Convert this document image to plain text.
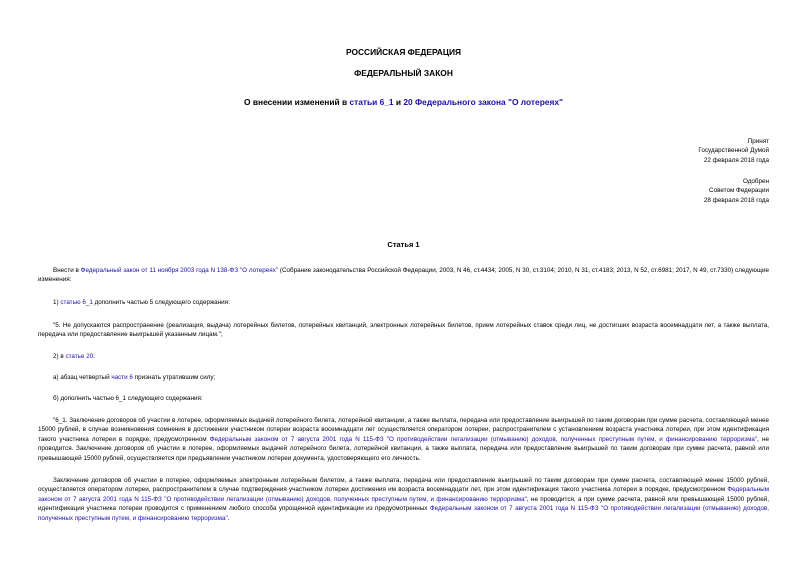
РОССИЙСКАЯ ФЕДЕРАЦИЯ
ФЕДЕРАЛЬНЫЙ ЗАКОН
О внесении изменений в статьи 6_1 и 20 Федерального закона "О лотереях"
Принят
Государственной Думой
22 февраля 2018 года
Одобрен
Советом Федерации
28 февраля 2018 года
Статья 1

Внести в Федеральный закон от 11 ноября 2003 года N 138-ФЗ "О лотереях" (Собрание законодательства Российской Федерации, 2003, N 46, ст.4434; 2005, N 30, ст.3104; 2010, N 31, ст.4183; 2013, N 52, ст.6981; 2017, N 49, ст.7330) следующие изменения:

1) статью 6_1 дополнить частью 5 следующего содержания:

"5. Не допускаются распространение (реализация, выдача) лотерейных билетов, лотерейных квитанций, электронных лотерейных билетов, прием лотерейных ставок среди лиц, не достигших возраста восемнадцати лет, а также выплата, передача или предоставление выигрышей указанным лицам.";

2) в статье 20:

а) абзац четвертый части 6 признать утратившим силу;

б) дополнить частью 6_1 следующего содержания:

"6_1. Заключение договоров об участии в лотерее, оформляемых выдачей лотерейного билета, лотерейной квитанции, а также выплата, передача или предоставление выигрышей по таким договорам при сумме расчета, составляющей менее 15000 рублей, в случае возникновения сомнения в достижении участником лотереи возраста восемнадцати лет осуществляется оператором лотереи, распространителем с установлением возраста участника лотереи, при этом идентификация такого участника лотереи в порядке, предусмотренном Федеральным законом от 7 августа 2001 года N 115-ФЗ "О противодействии легализации (отмыванию) доходов, полученных преступным путем, и финансированию терроризма", не проводится. Заключение договоров об участии в лотерее, оформляемых выдачей лотерейного билета, лотерейной квитанции, а также выплата, передача или предоставление выигрышей по таким договорам при сумме расчета, равной или превышающей 15000 рублей, осуществляется при предъявлении участником лотереи документа, удостоверяющего его личность.

Заключение договоров об участии в лотерее, оформляемых электронным лотерейным билетом, а также выплата, передача или предоставление выигрышей по таким договорам при сумме расчета, составляющей менее 15000 рублей, осуществляется оператором лотереи, распространителем в случае подтверждения участником лотереи достижения им возраста восемнадцати лет, при этом идентификация такого участника лотереи в порядке, предусмотренном Федеральным законом от 7 августа 2001 года N 115-ФЗ "О противодействии легализации (отмыванию) доходов, полученных преступным путем, и финансированию терроризма", не проводится, а при сумме расчета, равной или превышающей 15000 рублей, идентификация участника лотереи проводится с применением любого способа упрощенной идентификации из предусмотренных Федеральным законом от 7 августа 2001 года N 115-ФЗ "О противодействии легализации (отмыванию) доходов, полученных преступным путем, и финансированию терроризма".
